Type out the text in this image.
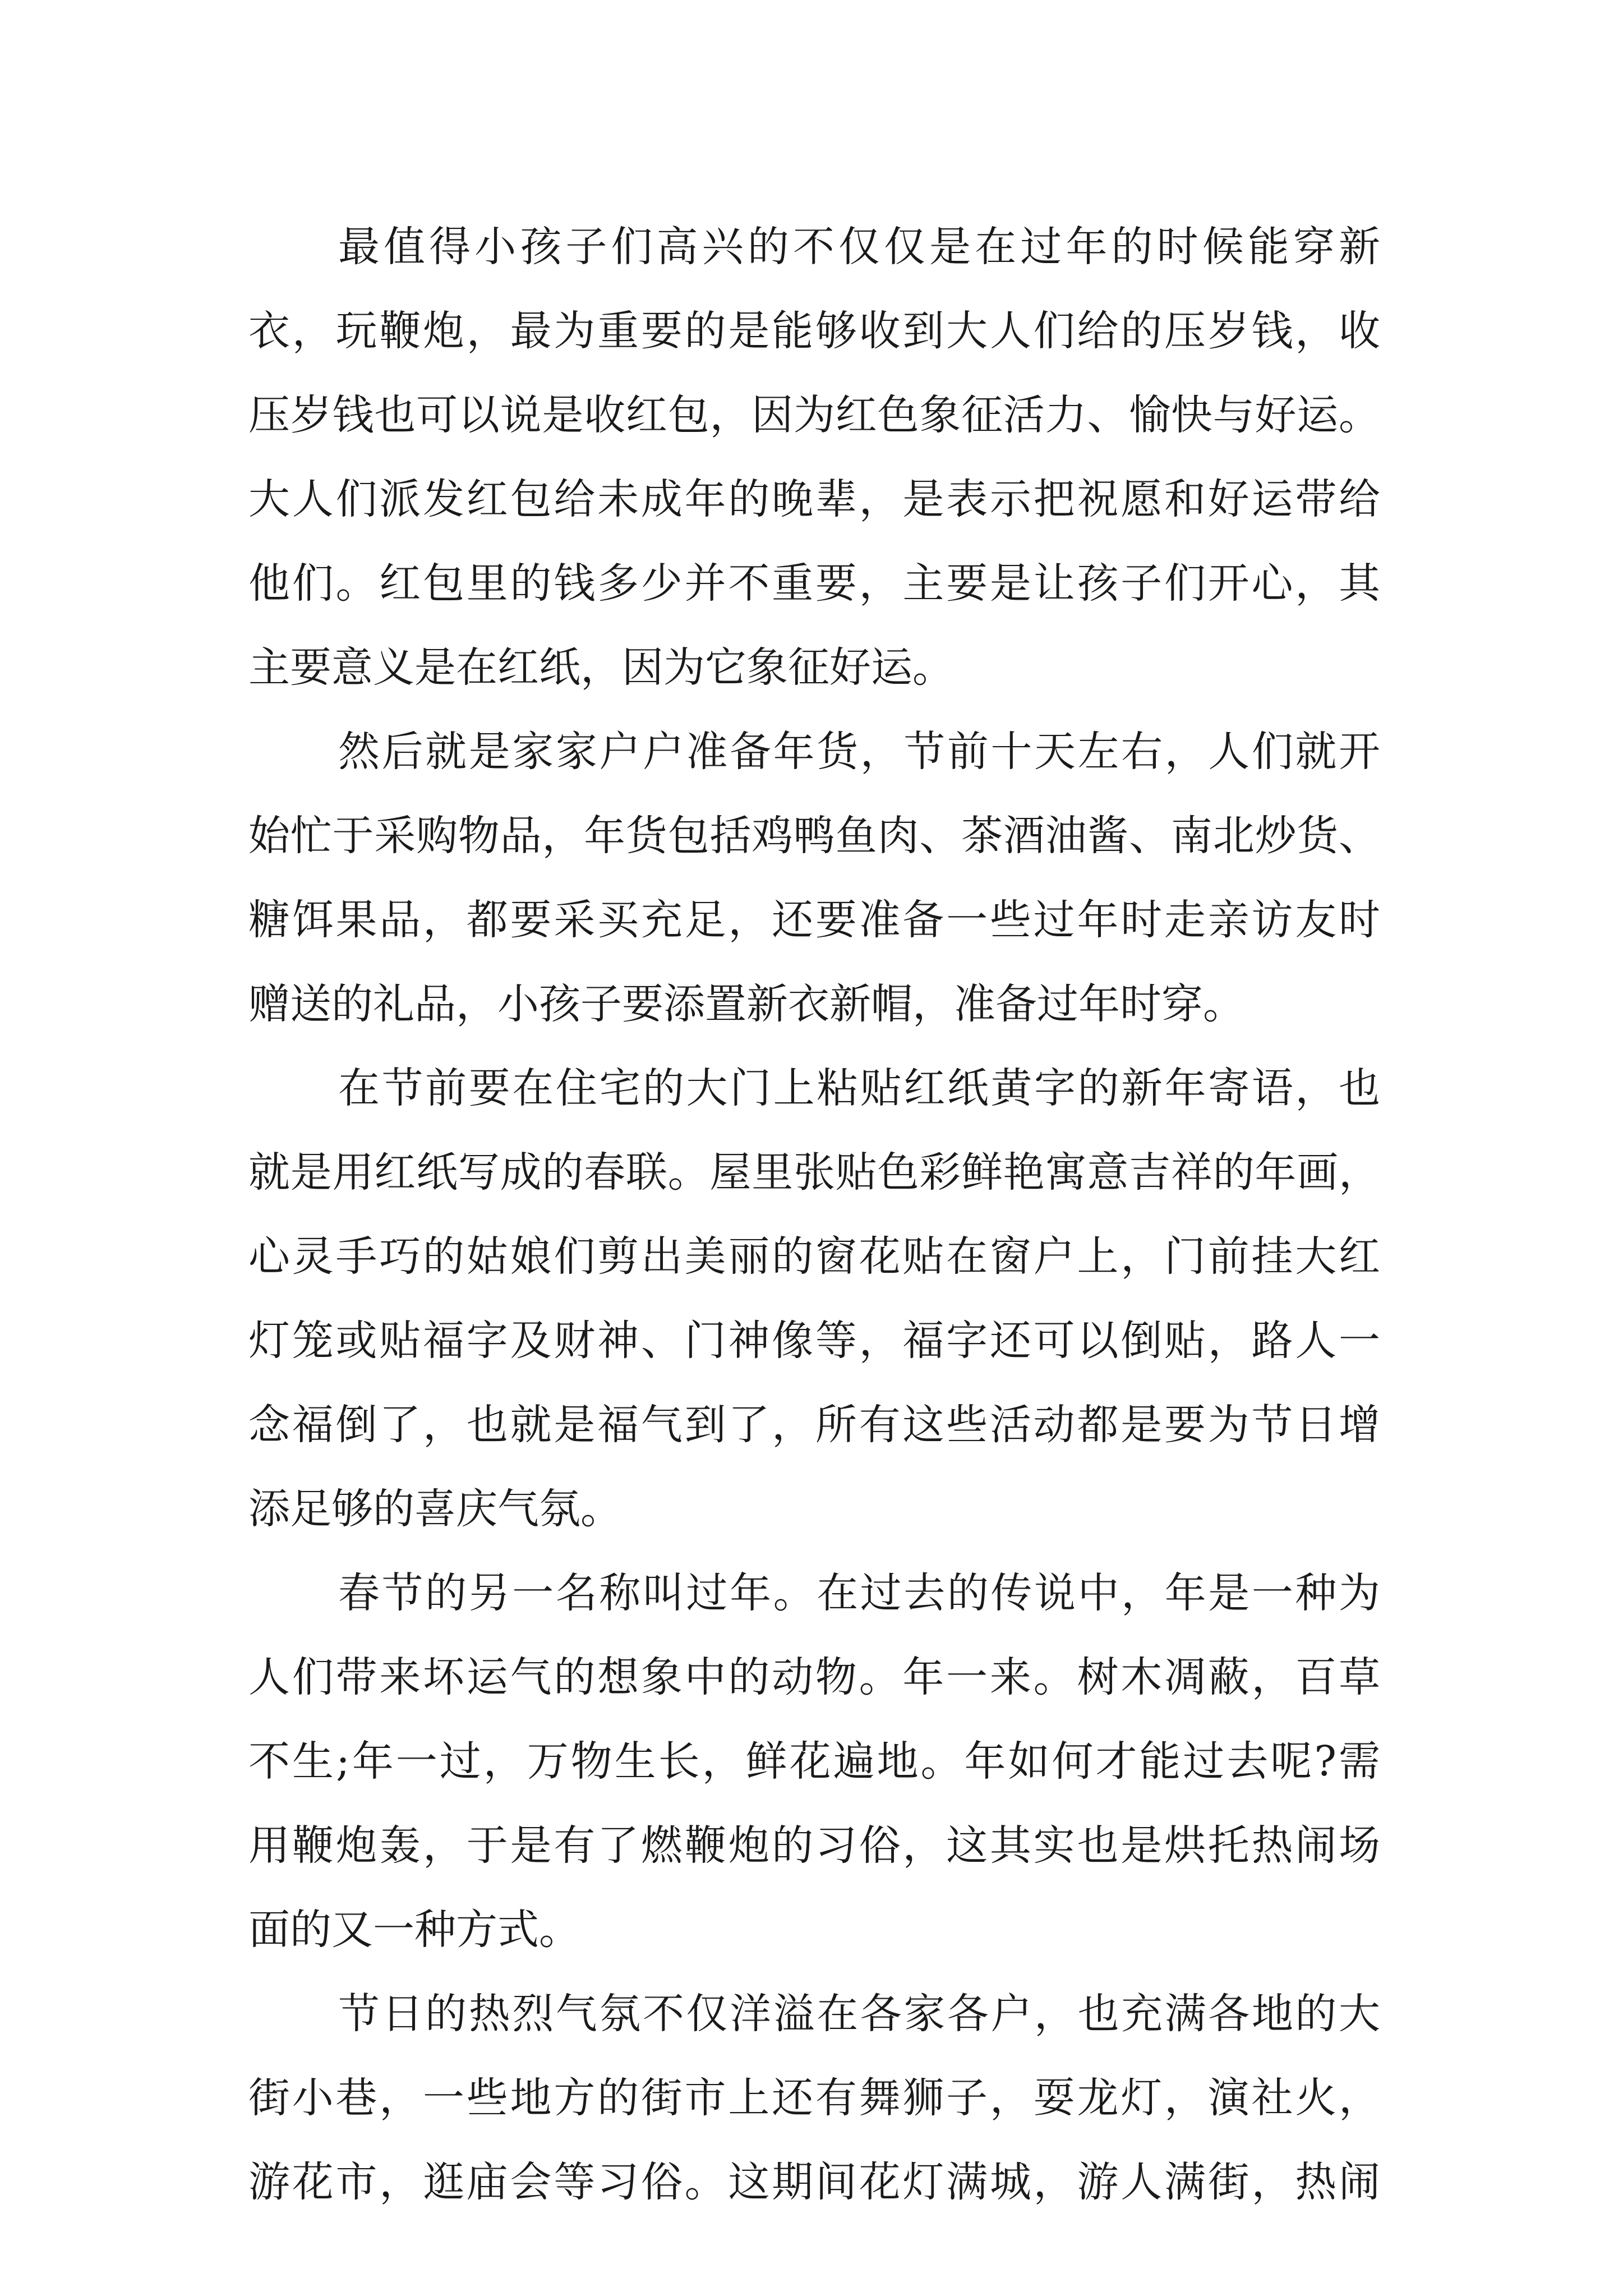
最值得小孩子们高兴的不仅仅是在过年的时候能穿新
衣，玩鞭炮，最为重要的是能够收到大人们给的压岁钱，收
压岁钱也可以说是收红包，因为红色象征活力、愉快与好运。
大人们派发红包给未成年的晚辈，是表示把祝愿和好运带给
他们。红包里的钱多少并不重要，主要是让孩子们开心，其
主要意义是在红纸，因为它象征好运。
然后就是家家户户准备年货，节前十天左右，人们就开
始忙于采购物品，年货包括鸡鸭鱼肉、茶酒油酱、南北炒货、
糖饵果品，都要采买充足，还要准备一些过年时走亲访友时
赠送的礼品，小孩子要添置新衣新帽，准备过年时穿。
在节前要在住宅的大门上粘贴红纸黄字的新年寄语，也
就是用红纸写成的春联。屋里张贴色彩鲜艳寓意吉祥的年画，
心灵手巧的姑娘们剪出美丽的窗花贴在窗户上，门前挂大红
灯笼或贴福字及财神、门神像等，福字还可以倒贴，路人一
念福倒了，也就是福气到了，所有这些活动都是要为节日增
添足够的喜庆气氛。
春节的另一名称叫过年。在过去的传说中，年是一种为
人们带来坏运气的想象中的动物。年一来。树木凋蔽，百草
不生;年一过，万物生长，鲜花遍地。年如何才能过去呢?需
用鞭炮轰，于是有了燃鞭炮的习俗，这其实也是烘托热闹场
面的又一种方式。
节日的热烈气氛不仅洋溢在各家各户，也充满各地的大
街小巷，一些地方的街市上还有舞狮子，耍龙灯，演社火，
游花市，逛庙会等习俗。这期间花灯满城，游人满街，热闹
